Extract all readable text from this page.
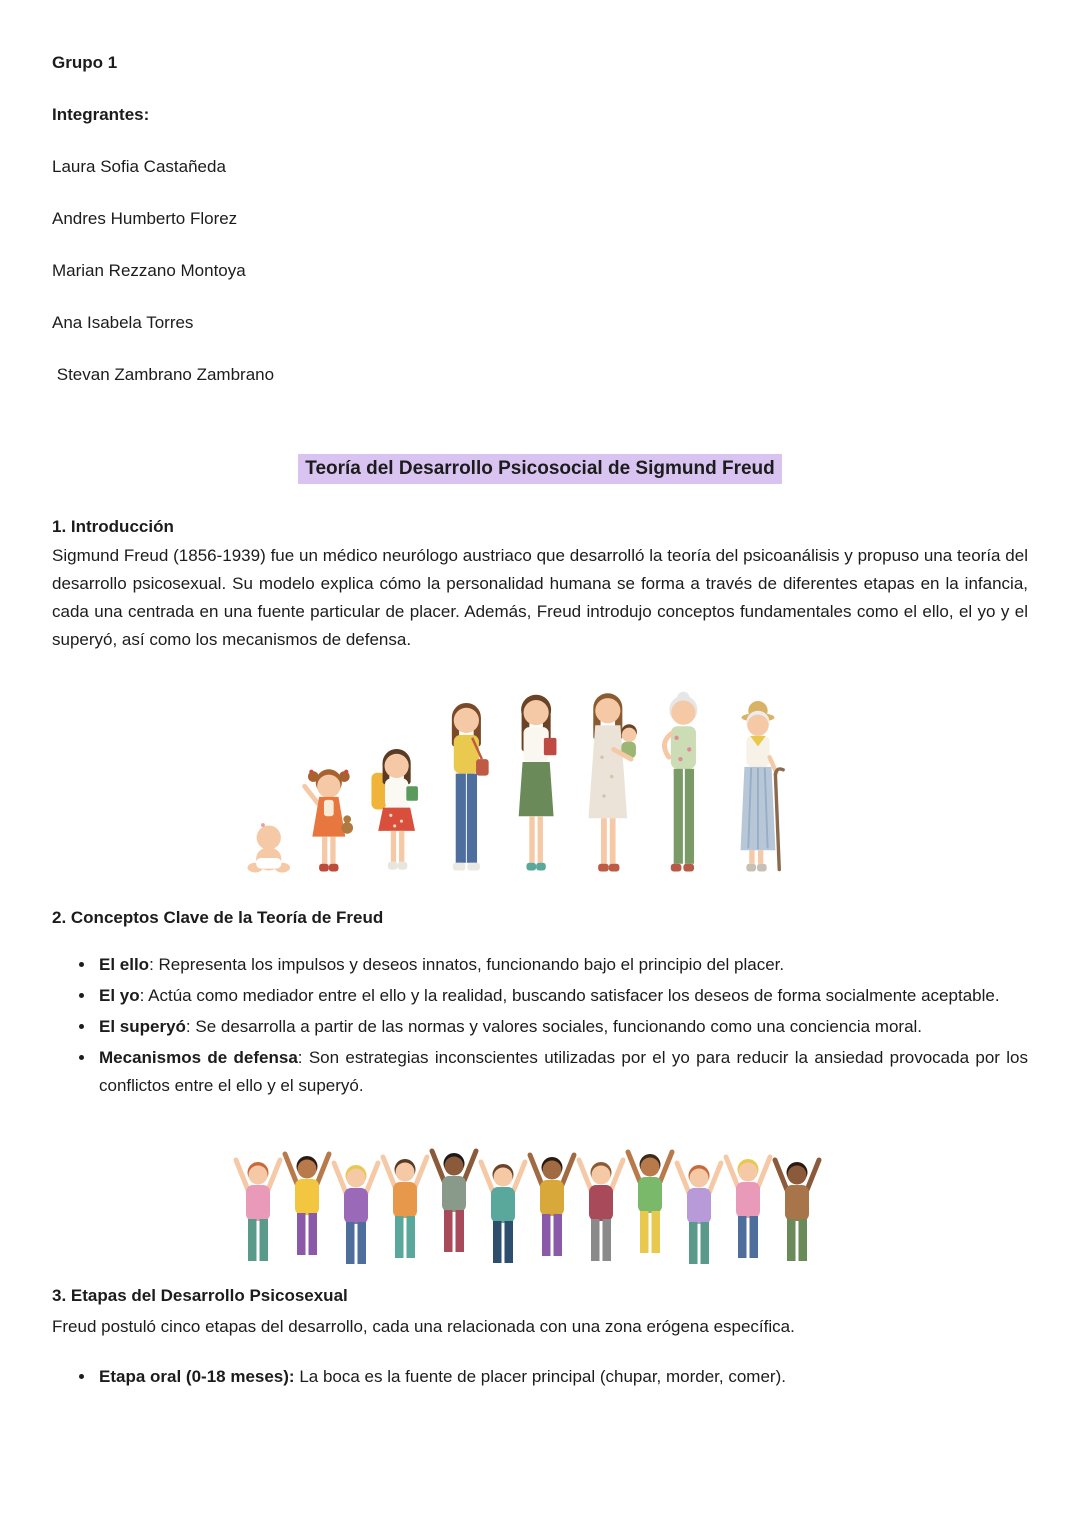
Grupo 1

Integrantes:

Laura Sofia Castañeda

Andres Humberto Florez

Marian Rezzano Montoya

Ana Isabela Torres

Stevan Zambrano Zambrano

Teoría del Desarrollo Psicosocial de Sigmund Freud

1. Introducción

Sigmund Freud (1856-1939) fue un médico neurólogo austriaco que desarrolló la teoría del psicoanálisis y propuso una teoría del desarrollo psicosexual. Su modelo explica cómo la personalidad humana se forma a través de diferentes etapas en la infancia, cada una centrada en una fuente particular de placer. Además, Freud introdujo conceptos fundamentales como el ello, el yo y el superyó, así como los mecanismos de defensa.

2. Conceptos Clave de la Teoría de Freud

• El ello: Representa los impulsos y deseos innatos, funcionando bajo el principio del placer.
• El yo: Actúa como mediador entre el ello y la realidad, buscando satisfacer los deseos de forma socialmente aceptable.
• El superyó: Se desarrolla a partir de las normas y valores sociales, funcionando como una conciencia moral.
• Mecanismos de defensa: Son estrategias inconscientes utilizadas por el yo para reducir la ansiedad provocada por los conflictos entre el ello y el superyó.

3. Etapas del Desarrollo Psicosexual

Freud postuló cinco etapas del desarrollo, cada una relacionada con una zona erógena específica.

• Etapa oral (0-18 meses): La boca es la fuente de placer principal (chupar, morder, comer).
